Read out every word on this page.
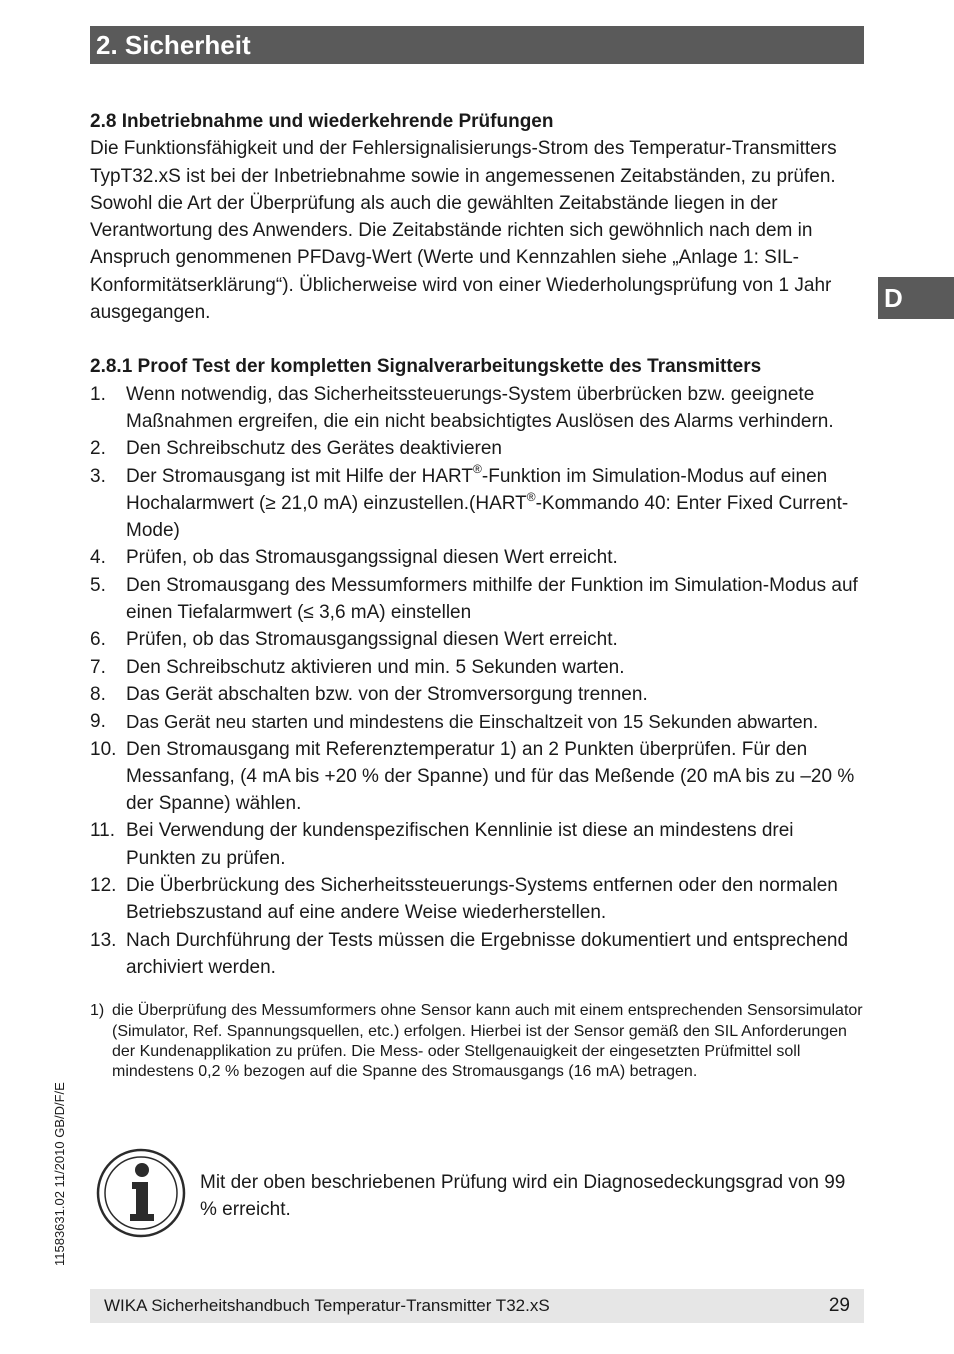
2. Sicherheit
D
2.8 Inbetriebnahme und wiederkehrende Prüfungen

Die Funktionsfähigkeit und der Fehlersignalisierungs-Strom des Temperatur-Transmitters TypT32.xS ist bei der Inbetriebnahme sowie in angemessenen Zeitabständen, zu prüfen. Sowohl die Art der Überprüfung als auch die gewählten Zeitabstände liegen in der Verantwortung des Anwenders. Die Zeitabstände richten sich gewöhnlich nach dem in Anspruch genommenen PFDavg-Wert (Werte und Kennzahlen siehe „Anlage 1: SIL-Konformitätserklärung“). Üblicherweise wird von einer Wiederholungsprüfung von 1 Jahr ausgegangen.

2.8.1 Proof Test der kompletten Signalverarbeitungskette des Transmitters
1.	Wenn notwendig, das Sicherheitssteuerungs-System überbrücken bzw. geeignete Maßnahmen ergreifen, die ein nicht beabsichtigtes Auslösen des Alarms verhindern.
2.	Den Schreibschutz des Gerätes deaktivieren
3.	Der Stromausgang ist mit Hilfe der HART®-Funktion im Simulation-Modus auf einen Hochalarmwert (≥ 21,0 mA) einzustellen.(HART®-Kommando 40: Enter Fixed Current-Mode)
4.	Prüfen, ob das Stromausgangssignal diesen Wert erreicht.
5.	Den Stromausgang des Messumformers mithilfe der Funktion im Simulation-Modus auf einen Tiefalarmwert (≤ 3,6 mA) einstellen
6.	Prüfen, ob das Stromausgangssignal diesen Wert erreicht.
7.	Den Schreibschutz aktivieren und min. 5 Sekunden warten.
8.	Das Gerät abschalten bzw. von der Stromversorgung trennen.
9.	Das Gerät neu starten und mindestens die Einschaltzeit von 15 Sekunden abwarten.
10. Den Stromausgang mit Referenztemperatur 1) an 2 Punkten überprüfen. Für den Messanfang, (4 mA bis +20 % der Spanne) und für das Meßende (20 mA bis zu –20 % der Spanne) wählen.
11. Bei Verwendung der kundenspezifischen Kennlinie ist diese an mindestens drei Punkten zu prüfen.
12. Die Überbrückung des Sicherheitssteuerungs-Systems entfernen oder den normalen Betriebszustand auf eine andere Weise wiederherstellen.
13. Nach Durchführung der Tests müssen die Ergebnisse dokumentiert und entsprechend archiviert werden.
1) die Überprüfung des Messumformers ohne Sensor kann auch mit einem entsprechenden Sensorsimulator (Simulator, Ref. Spannungsquellen, etc.) erfolgen. Hierbei ist der Sensor gemäß den SIL Anforderungen der Kundenapplikation zu prüfen. Die Mess- oder Stellgenauigkeit der eingesetzten Prüfmittel soll mindestens 0,2 % bezogen auf die Spanne des Stromausgangs (16 mA) betragen.
Mit der oben beschriebenen Prüfung wird ein Diagnosedeckungsgrad von 99 % erreicht.
11583631.02 11/2010 GB/D/F/E
WIKA Sicherheitshandbuch Temperatur-Transmitter T32.xS	29
